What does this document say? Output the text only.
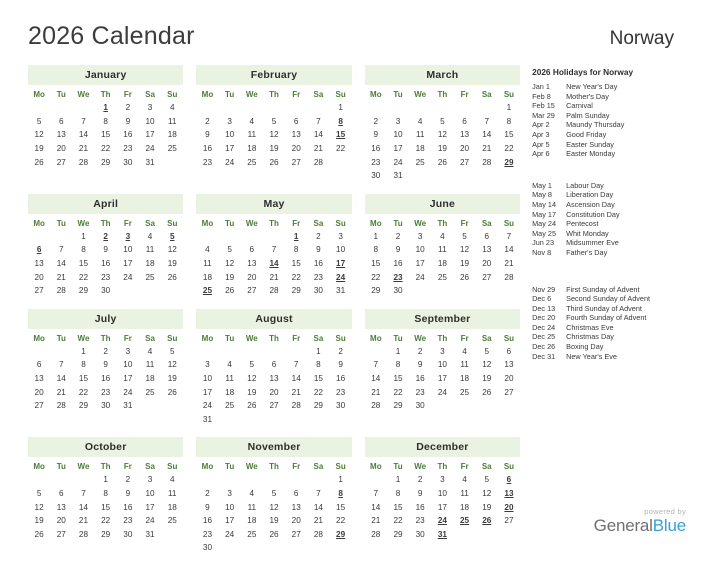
2026 Calendar	Norway
January
Mo	Tu	We	Th	Fr	Sa	Su
			1	2	3	4
5	6	7	8	9	10	11
12	13	14	15	16	17	18
19	20	21	22	23	24	25
26	27	28	29	30	31	
February
Mo	Tu	We	Th	Fr	Sa	Su
						1
2	3	4	5	6	7	8
9	10	11	12	13	14	15
16	17	18	19	20	21	22
23	24	25	26	27	28	
March
Mo	Tu	We	Th	Fr	Sa	Su
						1
2	3	4	5	6	7	8
9	10	11	12	13	14	15
16	17	18	19	20	21	22
23	24	25	26	27	28	29
30	31					
April
Mo	Tu	We	Th	Fr	Sa	Su
		1	2	3	4	5
6	7	8	9	10	11	12
13	14	15	16	17	18	19
20	21	22	23	24	25	26
27	28	29	30			
May
Mo	Tu	We	Th	Fr	Sa	Su
				1	2	3
4	5	6	7	8	9	10
11	12	13	14	15	16	17
18	19	20	21	22	23	24
25	26	27	28	29	30	31
June
Mo	Tu	We	Th	Fr	Sa	Su
1	2	3	4	5	6	7
8	9	10	11	12	13	14
15	16	17	18	19	20	21
22	23	24	25	26	27	28
29	30					
July
Mo	Tu	We	Th	Fr	Sa	Su
		1	2	3	4	5
6	7	8	9	10	11	12
13	14	15	16	17	18	19
20	21	22	23	24	25	26
27	28	29	30	31		
August
Mo	Tu	We	Th	Fr	Sa	Su
					1	2
3	4	5	6	7	8	9
10	11	12	13	14	15	16
17	18	19	20	21	22	23
24	25	26	27	28	29	30
31						
September
Mo	Tu	We	Th	Fr	Sa	Su
	1	2	3	4	5	6
7	8	9	10	11	12	13
14	15	16	17	18	19	20
21	22	23	24	25	26	27
28	29	30				
October
Mo	Tu	We	Th	Fr	Sa	Su
			1	2	3	4
5	6	7	8	9	10	11
12	13	14	15	16	17	18
19	20	21	22	23	24	25
26	27	28	29	30	31	
November
Mo	Tu	We	Th	Fr	Sa	Su
						1
2	3	4	5	6	7	8
9	10	11	12	13	14	15
16	17	18	19	20	21	22
23	24	25	26	27	28	29
30						
December
Mo	Tu	We	Th	Fr	Sa	Su
	1	2	3	4	5	6
7	8	9	10	11	12	13
14	15	16	17	18	19	20
21	22	23	24	25	26	27
28	29	30	31			
2026 Holidays for Norway
Jan 1	New Year's Day
Feb 8	Mother's Day
Feb 15	Carnival
Mar 29	Palm Sunday
Apr 2	Maundy Thursday
Apr 3	Good Friday
Apr 5	Easter Sunday
Apr 6	Easter Monday
May 1	Labour Day
May 8	Liberation Day
May 14	Ascension Day
May 17	Constitution Day
May 24	Pentecost
May 25	Whit Monday
Jun 23	Midsummer Eve
Nov 8	Father's Day
Nov 29	First Sunday of Advent
Dec 6	Second Sunday of Advent
Dec 13	Third Sunday of Advent
Dec 20	Fourth Sunday of Advent
Dec 24	Christmas Eve
Dec 25	Christmas Day
Dec 26	Boxing Day
Dec 31	New Year's Eve
powered by
GeneralBlue
